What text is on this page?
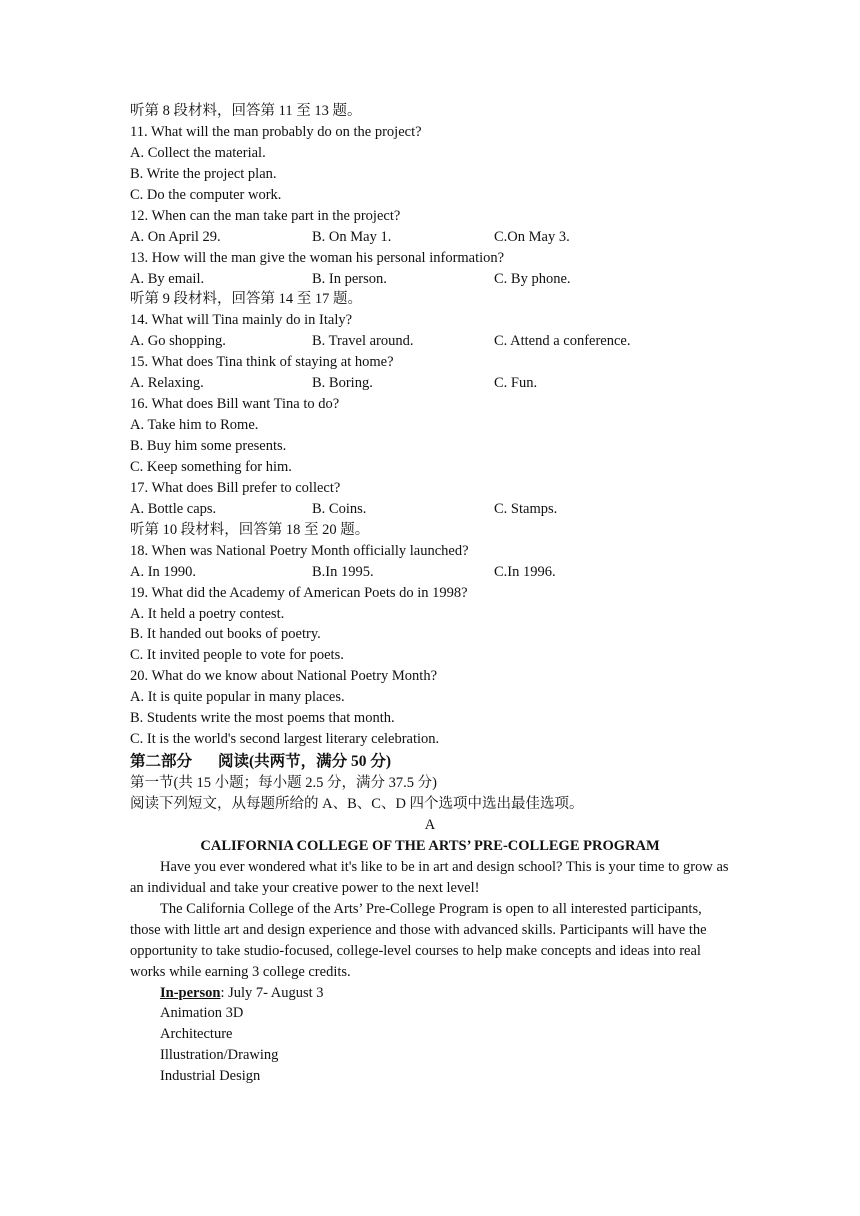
听第 8 段材料，回答第 11 至 13 题。
11. What will the man probably do on the project?
A. Collect the material.
B. Write the project plan.
C. Do the computer work.
12. When can the man take part in the project?
A. On April 29.	B. On May 1.	C.On May 3.
13. How will the man give the woman his personal information?
A. By email.	B. In person.	C. By phone.
听第 9 段材料，回答第 14 至 17 题。
14. What will Tina mainly do in Italy?
A. Go shopping.	B. Travel around.	C. Attend a conference.
15. What does Tina think of staying at home?
A. Relaxing.	B. Boring.	C. Fun.
16. What does Bill want Tina to do?
A. Take him to Rome.
B. Buy him some presents.
C. Keep something for him.
17. What does Bill prefer to collect?
A. Bottle caps.	B. Coins.	C. Stamps.
听第 10 段材料，回答第 18 至 20 题。
18. When was National Poetry Month officially launched?
A. In 1990.	B.In 1995.	C.In 1996.
19. What did the Academy of American Poets do in 1998?
A. It held a poetry contest.
B. It handed out books of poetry.
C. It invited people to vote for poets.
20. What do we know about National Poetry Month?
A. It is quite popular in many places.
B. Students write the most poems that month.
C. It is the world's second largest literary celebration.
第二部分 阅读(共两节，满分 50 分)
第一节(共 15 小题；每小题 2.5 分，满分 37.5 分)
阅读下列短文，从每题所给的 A、B、C、D 四个选项中选出最佳选项。
A
CALIFORNIA COLLEGE OF THE ARTS’ PRE-COLLEGE PROGRAM
Have you ever wondered what it's like to be in art and design school? This is your time to grow as an individual and take your creative power to the next level!
The California College of the Arts’ Pre-College Program is open to all interested participants, those with little art and design experience and those with advanced skills. Participants will have the opportunity to take studio-focused, college-level courses to help make concepts and ideas into real works while earning 3 college credits.
In-person: July 7- August 3
Animation 3D
Architecture
Illustration/Drawing
Industrial Design
